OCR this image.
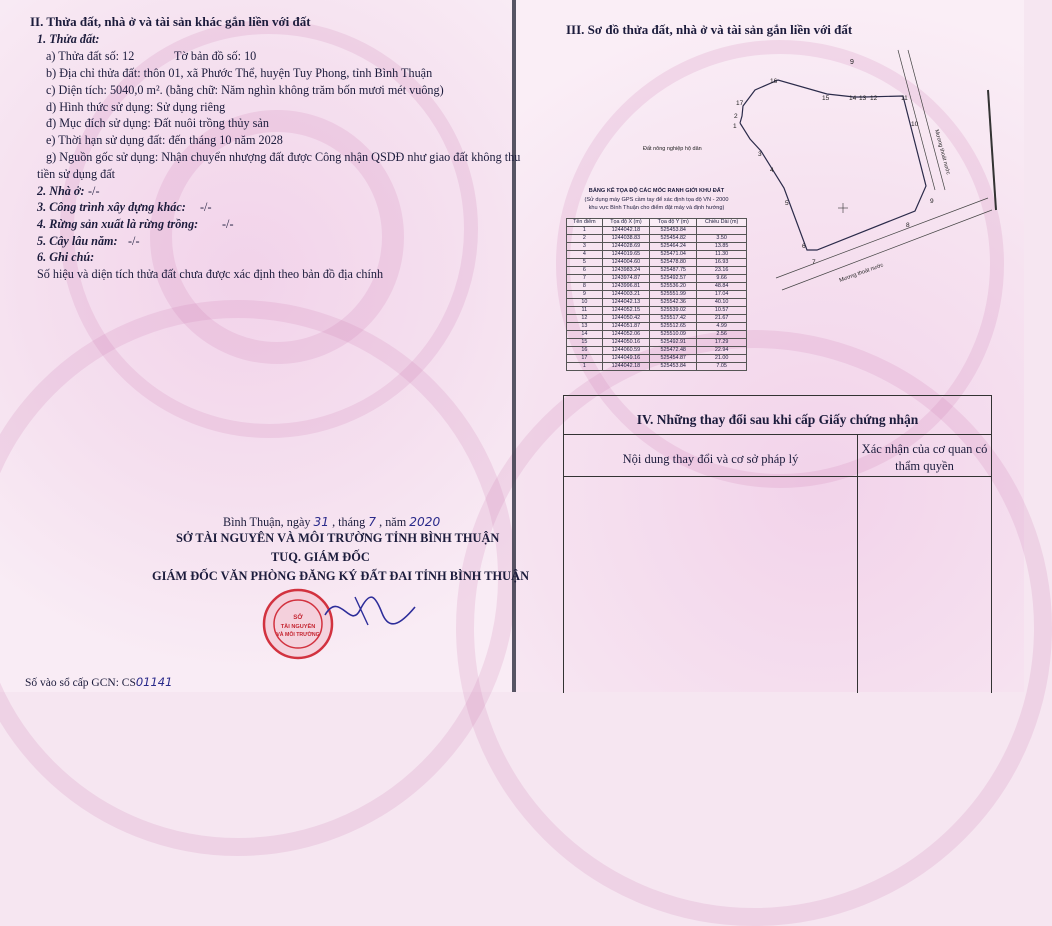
II. Thửa đất, nhà ở và tài sản khác gắn liền với đất
1. Thửa đất:
a) Thửa đất số: 12	Tờ bản đồ số: 10
b) Địa chỉ thửa đất: thôn 01, xã Phước Thể, huyện Tuy Phong, tỉnh Bình Thuận
c) Diện tích: 5040,0 m². (bằng chữ: Năm nghìn không trăm bốn mươi mét vuông)
d) Hình thức sử dụng: Sử dụng riêng
đ) Mục đích sử dụng: Đất nuôi trồng thủy sản
e) Thời hạn sử dụng đất: đến tháng 10 năm 2028
g) Nguồn gốc sử dụng: Nhận chuyển nhượng đất được Công nhận QSDĐ như giao đất không thu
tiền sử dụng đất
2. Nhà ở: -/-
3. Công trình xây dựng khác: -/-
4. Rừng sản xuất là rừng trồng: -/-
5. Cây lâu năm: -/-
6. Ghi chú:
Số hiệu và diện tích thửa đất chưa được xác định theo bản đồ địa chính
Bình Thuận, ngày 31 , tháng 7 , năm 2020
SỞ TÀI NGUYÊN VÀ MÔI TRƯỜNG TỈNH BÌNH THUẬN
TUQ. GIÁM ĐỐC
GIÁM ĐỐC VĂN PHÒNG ĐĂNG KÝ ĐẤT ĐAI TỈNH BÌNH THUẬN
SỞ
TÀI NGUYÊN
VÀ MÔI TRƯỜNG
Số vào sổ cấp GCN: CS01141
III. Sơ đồ thửa đất, nhà ở và tài sản gắn liền với đất
1
2
3
4
5
6
7
8
9
10
11
12
13
14
15
16
17
9
Đất nông nghiệp hộ dân	Mương thoát nước
Mương thoát nước
BẢNG KÊ TỌA ĐỘ CÁC MỐC RANH GIỚI KHU ĐẤT
(Sử dụng máy GPS cầm tay để xác định tọa độ VN - 2000
khu vực Bình Thuận cho điểm đặt máy và định hướng)
Tên điểm	Tọa độ X (m)	Tọa độ Y (m)	Chiều Dài (m)
1	1244042.18	525453.84	
2	1244038.83	525454.82	3.50
3	1244028.69	525464.24	13.85
4	1244019.65	525471.04	11.30
5	1244004.60	525478.80	16.93
6	1243983.24	525487.75	23.16
7	1243974.87	525492.57	9.66
8	1243996.81	525536.20	48.84
9	1244003.21	525551.99	17.04
10	1244042.13	525542.36	40.10
11	1244052.15	525539.02	10.57
12	1244050.42	525517.42	21.67
13	1244051.87	525512.65	4.99
14	1244052.06	525510.09	2.56
15	1244050.16	525492.91	17.29
16	1244060.59	525472.48	22.94
17	1244049.16	525454.87	21.00
1	1244042.18	525453.84	7.05
IV. Những thay đổi sau khi cấp Giấy chứng nhận
Nội dung thay đổi và cơ sở pháp lý
Xác nhận của cơ quan có thẩm quyền
